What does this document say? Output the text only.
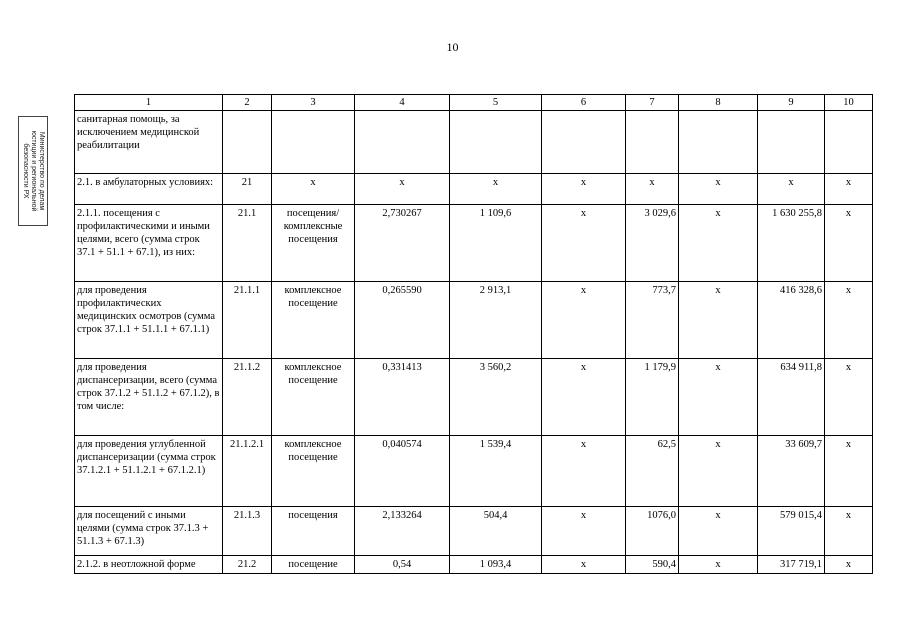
10
Министерство по делам юстиции и региональной безопасности РХ
1	2	3	4	5	6	7	8	9	10
санитарная помощь, за исключением медицинской реабилитации									
2.1. в амбулаторных условиях:	21	х	х	х	х	х	х	х	х
2.1.1. посещения с профилактическими и иными целями, всего (сумма строк 37.1 + 51.1 + 67.1), из них:	21.1	посещения/ комплексные посещения	2,730267	1 109,6	х	3 029,6	х	1 630 255,8	х
для проведения профилактических медицинских осмотров (сумма строк 37.1.1 + 51.1.1 + 67.1.1)	21.1.1	комплексное посещение	0,265590	2 913,1	х	773,7	х	416 328,6	х
для проведения диспансеризации, всего (сумма строк 37.1.2 + 51.1.2 + 67.1.2), в том числе:	21.1.2	комплексное посещение	0,331413	3 560,2	х	1 179,9	х	634 911,8	х
для проведения углубленной диспансеризации (сумма строк 37.1.2.1 + 51.1.2.1 + 67.1.2.1)	21.1.2.1	комплексное посещение	0,040574	1 539,4	х	62,5	х	33 609,7	х
для посещений с иными целями (сумма строк 37.1.3 + 51.1.3 + 67.1.3)	21.1.3	посещения	2,133264	504,4	х	1076,0	х	579 015,4	х
2.1.2. в неотложной форме	21.2	посещение	0,54	1 093,4	х	590,4	х	317 719,1	х
